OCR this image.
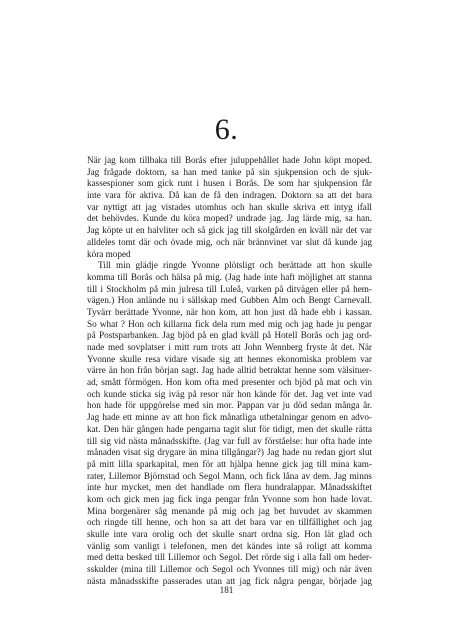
6.
När jag kom tillbaka till Borås efter juluppehållet hade John köpt moped.
Jag frågade doktorn, sa han med tanke på sin sjukpension och de sjuk-
kassespioner som gick runt i husen i Borås. De som har sjukpension får
inte vara för aktiva. Då kan de få den indragen. Doktorn sa att det bara
var nyttigt att jag vistades utomhus och han skulle skriva ett intyg ifall
det behövdes. Kunde du köra moped? undrade jag. Jag lärde mig, sa han.
Jag köpte ut en halvliter och så gick jag till skolgården en kväll när det var
alldeles tomt där och övade mig, och när brännvinet var slut då kunde jag
köra moped
Till min glädje ringde Yvonne plötsligt och berättade att hon skulle
komma till Borås och hälsa på mig. (Jag hade inte haft möjlighet att stanna
till i Stockholm på min julresa till Luleå, varken på ditvägen eller på hem-
vägen.) Hon anlände nu i sällskap med Gubben Alm och Bengt Carnevall.
Tyvärr berättade Yvonne, när hon kom, att hon just då hade ebb i kassan.
So what ? Hon och killarna fick dela rum med mig och jag hade ju pengar
på Postsparbanken. Jag bjöd på en glad kväll på Hotell Borås och jag ord-
nade med sovplatser i mitt rum trots att John Wennberg fryste åt det. När
Yvonne skulle resa vidare visade sig att hennes ekonomiska problem var
värre än hon från början sagt. Jag hade alltid betraktat henne som välsituer-
ad, smått förmögen. Hon kom ofta med presenter och bjöd på mat och vin
och kunde sticka sig iväg på resor när hon kände för det. Jag vet inte vad
hon hade för uppgörelse med sin mor. Pappan var ju död sedan många år.
Jag hade ett minne av att hon fick månatliga utbetalningar genom en advo-
kat. Den här gången hade pengarna tagit slut för tidigt, men det skulle rätta
till sig vid nästa månadsskifte. (Jag var full av förståelse: hur ofta hade inte
månaden visat sig drygare än mina tillgångar?) Jag hade nu redan gjort slut
på mitt lilla sparkapital, men för att hjälpa henne gick jag till mina kam-
rater, Lillemor Björnstad och Segol Mann, och fick låna av dem. Jag minns
inte hur mycket, men det handlade om flera hundralappar. Månadsskiftet
kom och gick men jag fick inga pengar från Yvonne som hon hade lovat.
Mina borgenärer såg menande på mig och jag bet huvudet av skammen
och ringde till henne, och hon sa att det bara var en tillfällighet och jag
skulle inte vara orolig och det skulle snart ordna sig. Hon lät glad och
vänlig som vanligt i telefonen, men det kändes inte så roligt att komma
med detta besked till Lillemor och Segol. Det rörde sig i alla fall om heder-
sskulder (mina till Lillemor och Segol och Yvonnes till mig) och när även
nästa månadsskifte passerades utan att jag fick några pengar, började jag
181
